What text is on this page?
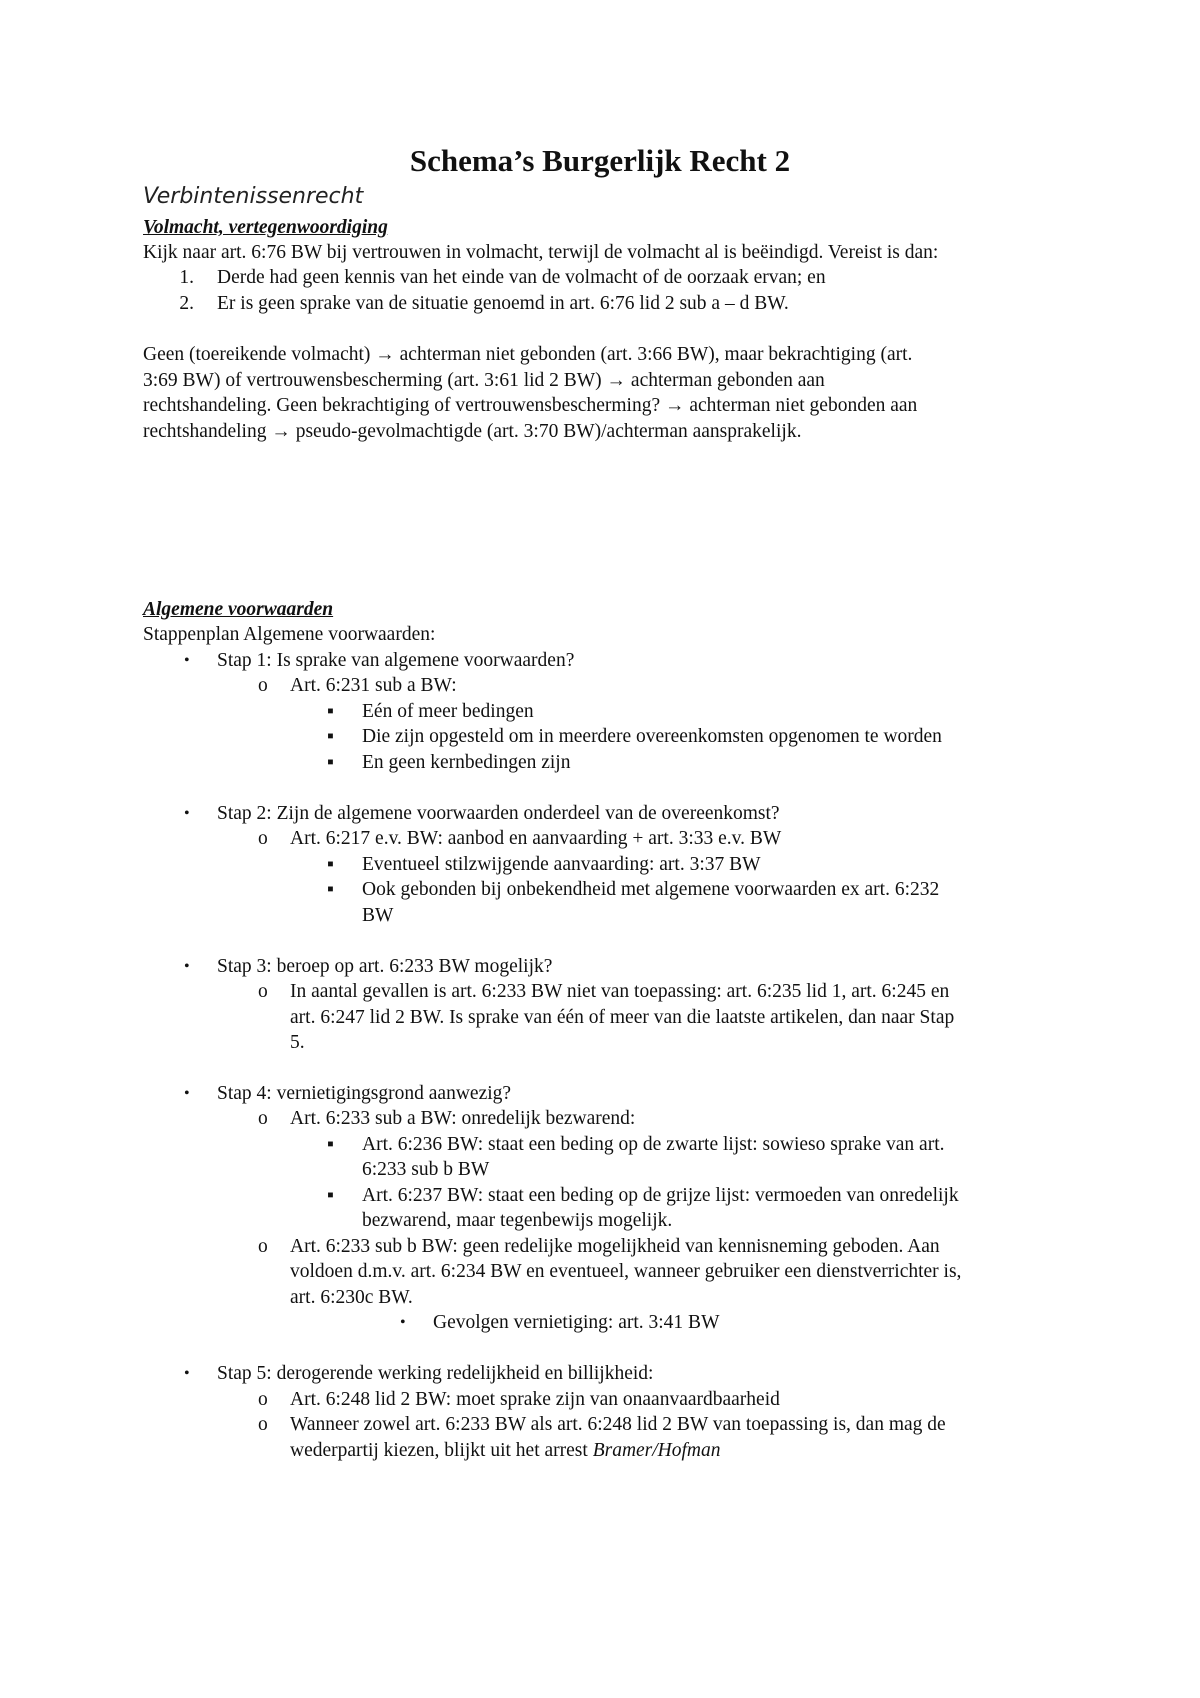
Schema’s Burgerlijk Recht 2
Verbintenissenrecht
Volmacht, vertegenwoordiging
Kijk naar art. 6:76 BW bij vertrouwen in volmacht, terwijl de volmacht al is beëindigd. Vereist is dan:
1. Derde had geen kennis van het einde van de volmacht of de oorzaak ervan; en
2. Er is geen sprake van de situatie genoemd in art. 6:76 lid 2 sub a – d BW.
Geen (toereikende volmacht) → achterman niet gebonden (art. 3:66 BW), maar bekrachtiging (art.
3:69 BW) of vertrouwensbescherming (art. 3:61 lid 2 BW) → achterman gebonden aan
rechtshandeling. Geen bekrachtiging of vertrouwensbescherming? → achterman niet gebonden aan
rechtshandeling → pseudo-gevolmachtigde (art. 3:70 BW)/achterman aansprakelijk.
Algemene voorwaarden
Stappenplan Algemene voorwaarden:
• Stap 1: Is sprake van algemene voorwaarden?
o Art. 6:231 sub a BW:
▪ Eén of meer bedingen
▪ Die zijn opgesteld om in meerdere overeenkomsten opgenomen te worden
▪ En geen kernbedingen zijn
• Stap 2: Zijn de algemene voorwaarden onderdeel van de overeenkomst?
o Art. 6:217 e.v. BW: aanbod en aanvaarding + art. 3:33 e.v. BW
▪ Eventueel stilzwijgende aanvaarding: art. 3:37 BW
▪ Ook gebonden bij onbekendheid met algemene voorwaarden ex art. 6:232
BW
• Stap 3: beroep op art. 6:233 BW mogelijk?
o In aantal gevallen is art. 6:233 BW niet van toepassing: art. 6:235 lid 1, art. 6:245 en
art. 6:247 lid 2 BW. Is sprake van één of meer van die laatste artikelen, dan naar Stap
5.
• Stap 4: vernietigingsgrond aanwezig?
o Art. 6:233 sub a BW: onredelijk bezwarend:
▪ Art. 6:236 BW: staat een beding op de zwarte lijst: sowieso sprake van art.
6:233 sub b BW
▪ Art. 6:237 BW: staat een beding op de grijze lijst: vermoeden van onredelijk
bezwarend, maar tegenbewijs mogelijk.
o Art. 6:233 sub b BW: geen redelijke mogelijkheid van kennisneming geboden. Aan
voldoen d.m.v. art. 6:234 BW en eventueel, wanneer gebruiker een dienstverrichter is,
art. 6:230c BW.
• Gevolgen vernietiging: art. 3:41 BW
• Stap 5: derogerende werking redelijkheid en billijkheid:
o Art. 6:248 lid 2 BW: moet sprake zijn van onaanvaardbaarheid
o Wanneer zowel art. 6:233 BW als art. 6:248 lid 2 BW van toepassing is, dan mag de
wederpartij kiezen, blijkt uit het arrest Bramer/Hofman
